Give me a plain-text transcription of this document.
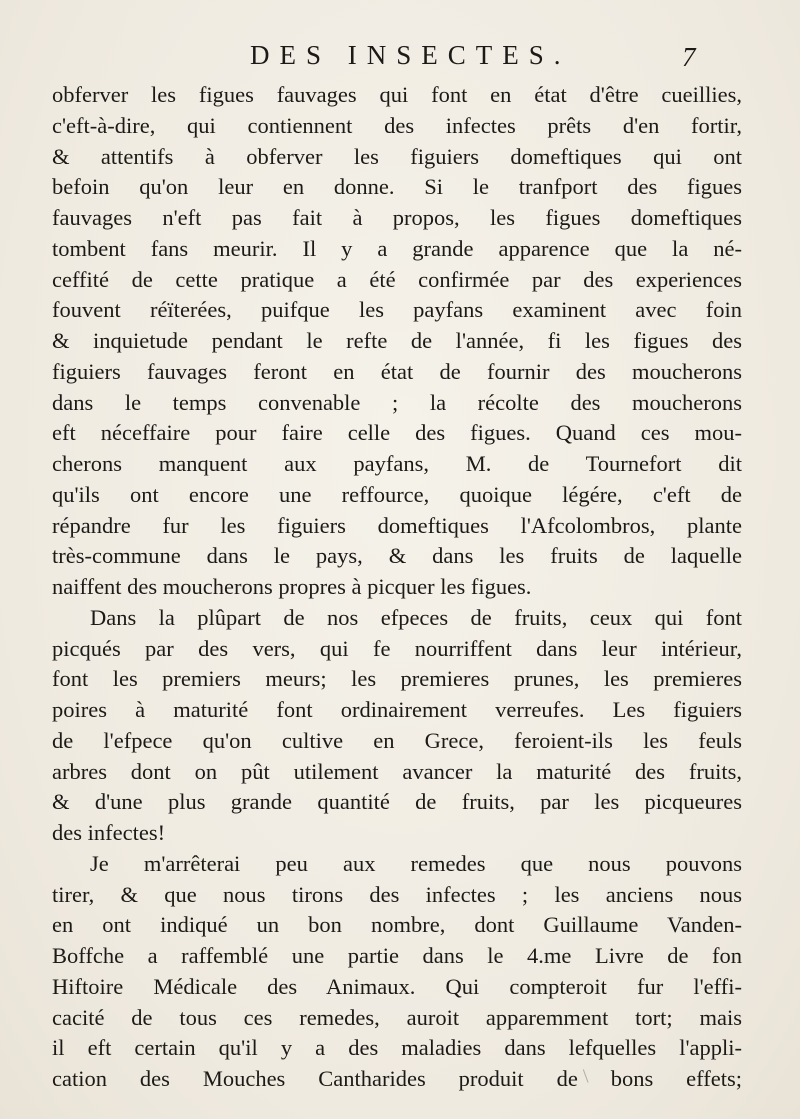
DES INSECTES.	7
obferver les figues fauvages qui font en état d'être cueillies,
c'eft-à-dire, qui contiennent des infectes prêts d'en fortir,
& attentifs à obferver les figuiers domeftiques qui ont
befoin qu'on leur en donne. Si le tranfport des figues
fauvages n'eft pas fait à propos, les figues domeftiques
tombent fans meurir. Il y a grande apparence que la né-
ceffité de cette pratique a été confirmée par des experiences
fouvent réïterées, puifque les payfans examinent avec foin
& inquietude pendant le refte de l'année, fi les figues des
figuiers fauvages feront en état de fournir des moucherons
dans le temps convenable ; la récolte des moucherons
eft néceffaire pour faire celle des figues. Quand ces mou-
cherons manquent aux payfans, M. de Tournefort dit
qu'ils ont encore une reffource, quoique légére, c'eft de
répandre fur les figuiers domeftiques l'Afcolombros, plante
très-commune dans le pays, & dans les fruits de laquelle
naiffent des moucherons propres à picquer les figues.
Dans la plûpart de nos efpeces de fruits, ceux qui font
picqués par des vers, qui fe nourriffent dans leur intérieur,
font les premiers meurs; les premieres prunes, les premieres
poires à maturité font ordinairement verreufes. Les figuiers
de l'efpece qu'on cultive en Grece, feroient-ils les feuls
arbres dont on pût utilement avancer la maturité des fruits,
& d'une plus grande quantité de fruits, par les picqueures
des infectes!
Je m'arrêterai peu aux remedes que nous pouvons
tirer, & que nous tirons des infectes ; les anciens nous
en ont indiqué un bon nombre, dont Guillaume Vanden-
Boffche a raffemblé une partie dans le 4.me Livre de fon
Hiftoire Médicale des Animaux. Qui compteroit fur l'effi-
cacité de tous ces remedes, auroit apparemment tort; mais
il eft certain qu'il y a des maladies dans lefquelles l'appli-
cation des Mouches Cantharides produit de bons effets;
